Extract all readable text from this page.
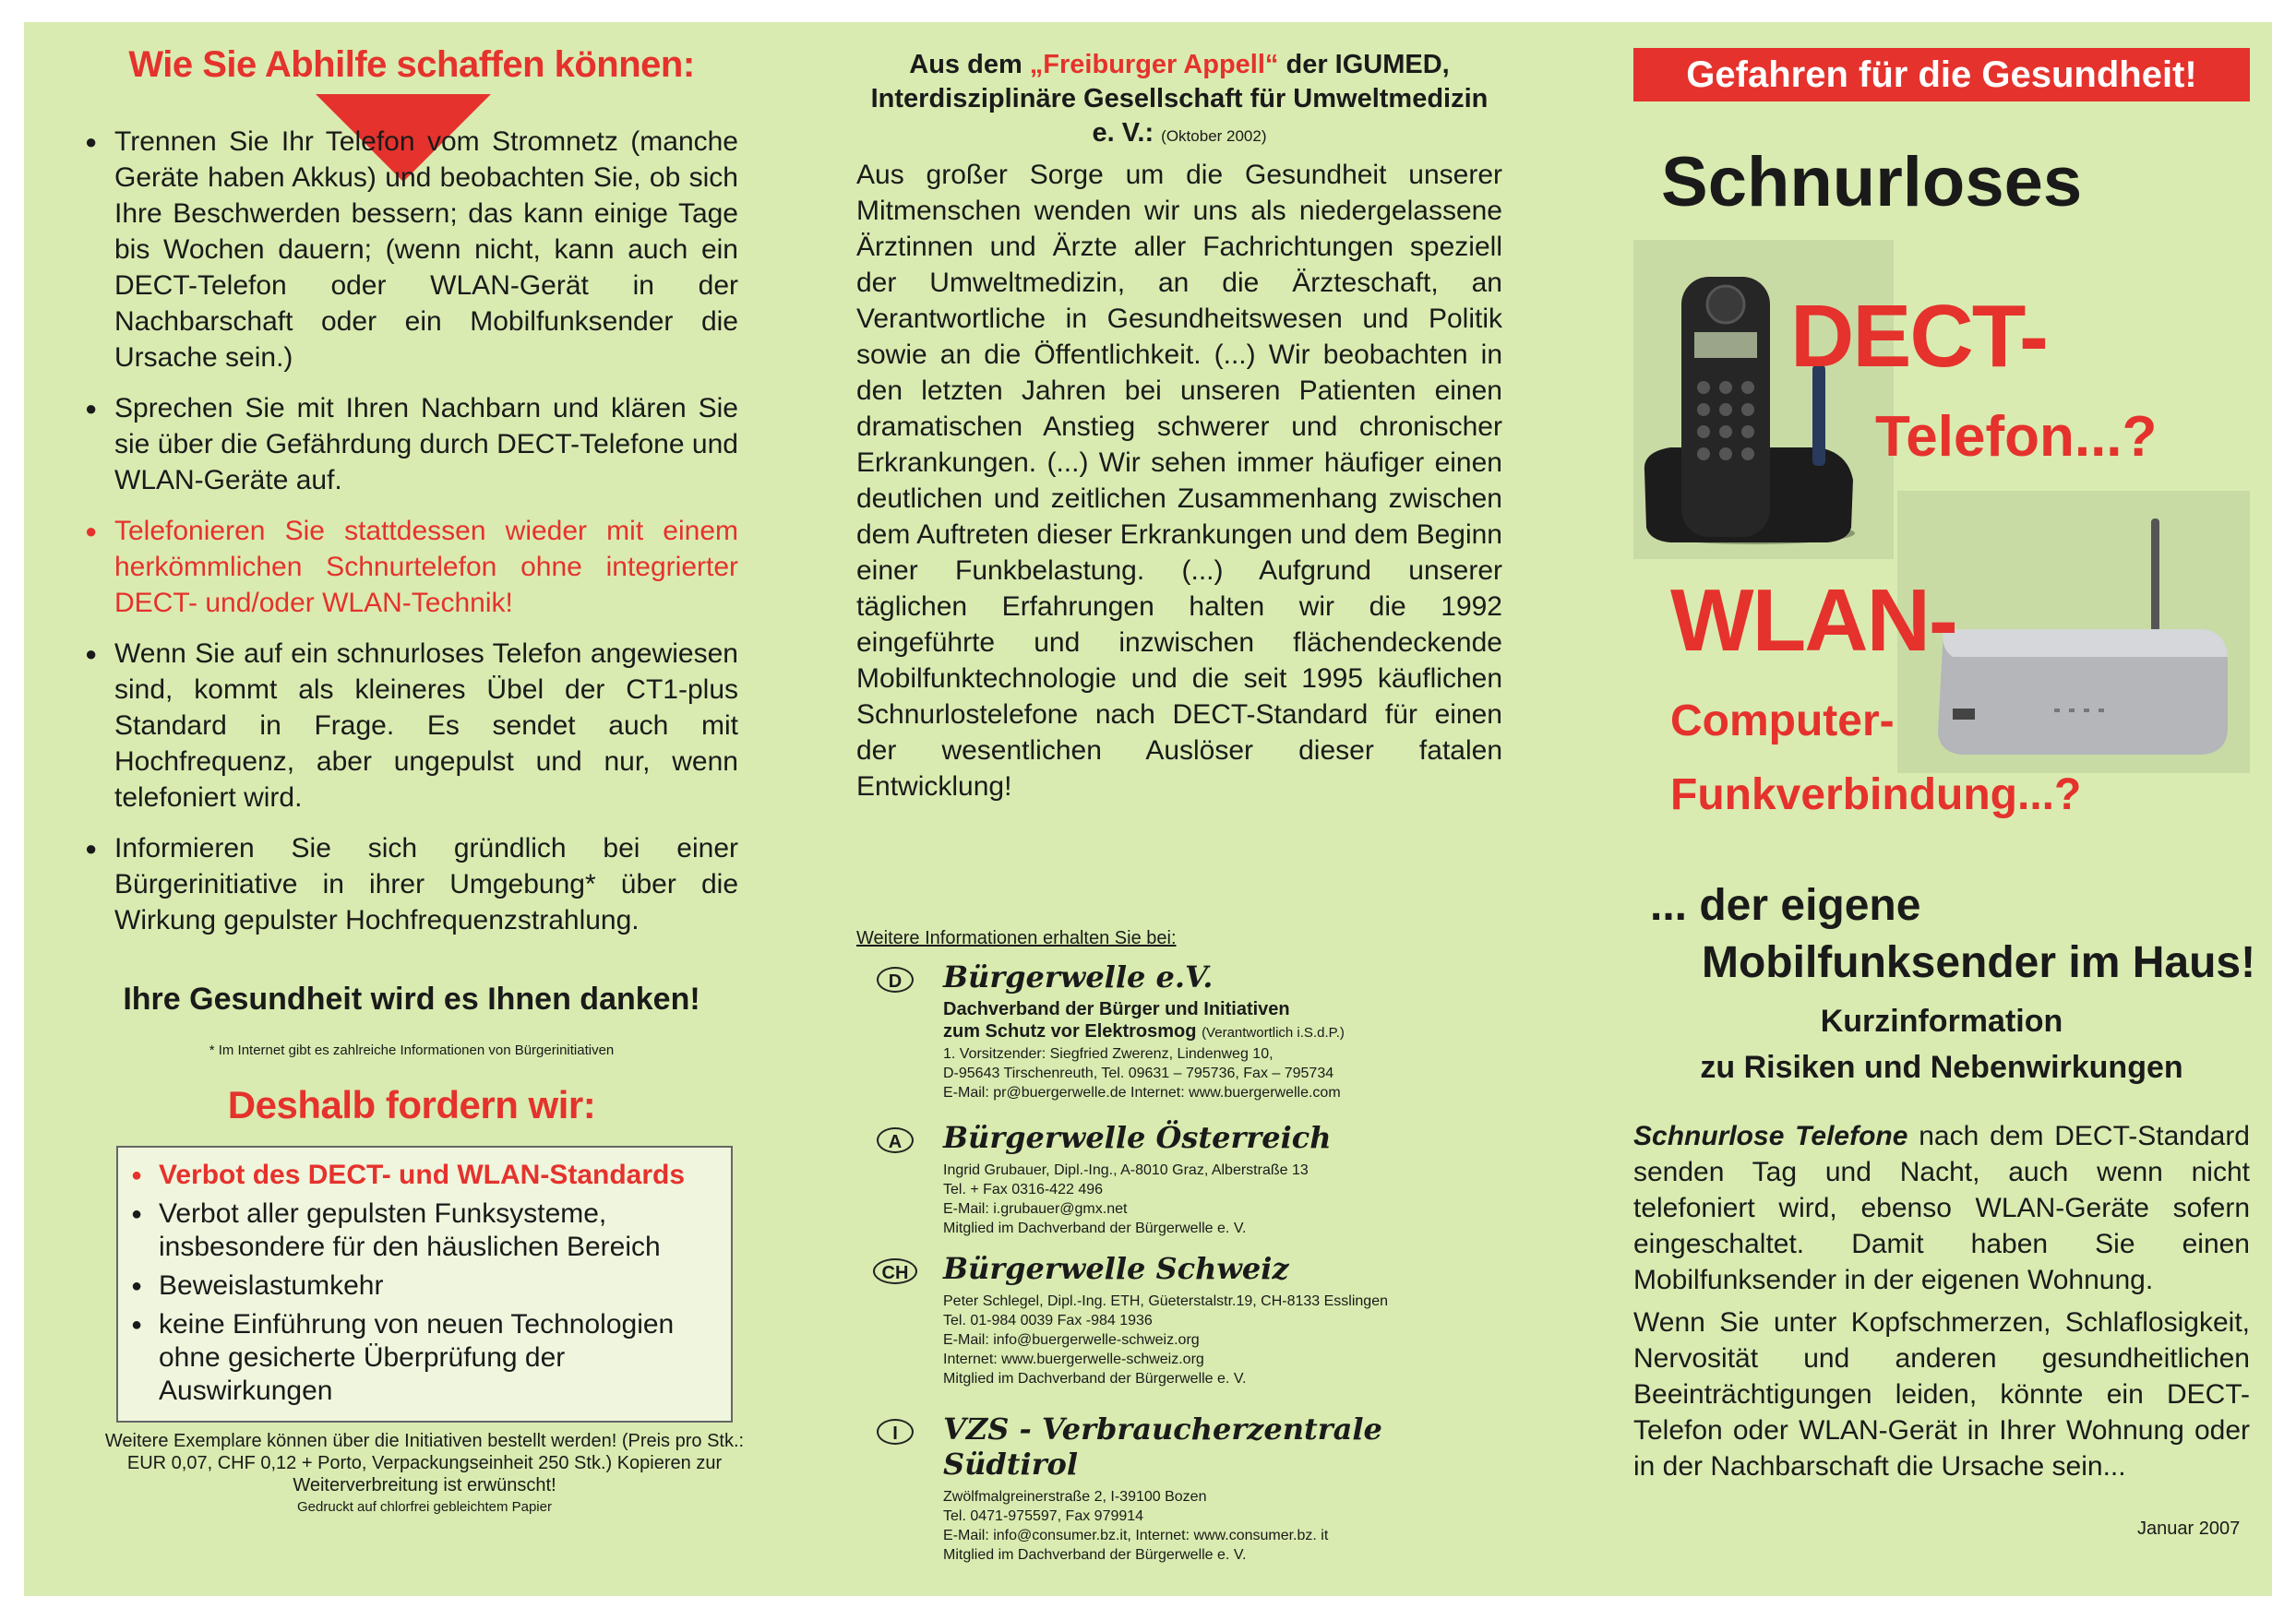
Wie Sie Abhilfe schaffen können:
● Trennen Sie Ihr Telefon vom Stromnetz (manche Geräte haben Akkus) und beobachten Sie, ob sich Ihre Beschwerden bessern; das kann einige Tage bis Wochen dauern; (wenn nicht, kann auch ein DECT-Telefon oder WLAN-Gerät in der Nachbarschaft oder ein Mobilfunksender die Ursache sein.)
● Sprechen Sie mit Ihren Nachbarn und klären Sie sie über die Gefährdung durch DECT-Telefone und WLAN-Geräte auf.
● Telefonieren Sie stattdessen wieder mit einem herkömmlichen Schnurtelefon ohne integrierter DECT- und/oder WLAN-Technik!
● Wenn Sie auf ein schnurloses Telefon angewiesen sind, kommt als kleineres Übel der CT1-plus Standard in Frage. Es sendet auch mit Hochfrequenz, aber ungepulst und nur, wenn telefoniert wird.
● Informieren Sie sich gründlich bei einer Bürgerinitiative in ihrer Umgebung* über die Wirkung gepulster Hochfrequenzstrahlung.
Ihre Gesundheit wird es Ihnen danken!
* Im Internet gibt es zahlreiche Informationen von Bürgerinitiativen
Deshalb fordern wir:
● Verbot des DECT- und WLAN-Standards
● Verbot aller gepulsten Funksysteme, insbesondere für den häuslichen Bereich
● Beweislastumkehr
● keine Einführung von neuen Technologien ohne gesicherte Überprüfung der Auswirkungen
Weitere Exemplare können über die Initiativen bestellt werden! (Preis pro Stk.: EUR 0,07, CHF 0,12 + Porto, Verpackungseinheit 250 Stk.) Kopieren zur Weiterverbreitung ist erwünscht!
Gedruckt auf chlorfrei gebleichtem Papier
Aus dem „Freiburger Appell“ der IGUMED, Interdisziplinäre Gesellschaft für Umweltmedizin e. V.: (Oktober 2002)
Aus großer Sorge um die Gesundheit unserer Mitmenschen wenden wir uns als niedergelassene Ärztinnen und Ärzte aller Fachrichtungen speziell der Umweltmedizin, an die Ärzteschaft, an Verantwortliche in Gesundheitswesen und Politik sowie an die Öffentlichkeit. (...) Wir beobachten in den letzten Jahren bei unseren Patienten einen dramatischen Anstieg schwerer und chronischer Erkrankungen. (...) Wir sehen immer häufiger einen deutlichen und zeitlichen Zusammenhang zwischen dem Auftreten dieser Erkrankungen und dem Beginn einer Funkbelastung. (...) Aufgrund unserer täglichen Erfahrungen halten wir die 1992 eingeführte und inzwischen flächendeckende Mobilfunktechnologie und die seit 1995 käuflichen Schnurlostelefone nach DECT-Standard für einen der wesentlichen Auslöser dieser fatalen Entwicklung!
Weitere Informationen erhalten Sie bei:
D	Bürgerwelle e.V.
Dachverband der Bürger und Initiativen
zum Schutz vor Elektrosmog (Verantwortlich i.S.d.P.)
1. Vorsitzender: Siegfried Zwerenz, Lindenweg 10,
D-95643 Tirschenreuth, Tel. 09631 – 795736, Fax – 795734
E-Mail: pr@buergerwelle.de Internet: www.buergerwelle.com
A	Bürgerwelle Österreich
Ingrid Grubauer, Dipl.-Ing., A-8010 Graz, Alberstraße 13
Tel. + Fax 0316-422 496
E-Mail: i.grubauer@gmx.net
Mitglied im Dachverband der Bürgerwelle e. V.
CH Bürgerwelle Schweiz
Peter Schlegel, Dipl.-Ing. ETH, Güeterstalstr.19, CH-8133 Esslingen
Tel. 01-984 0039 Fax -984 1936
E-Mail: info@buergerwelle-schweiz.org
Internet: www.buergerwelle-schweiz.org
Mitglied im Dachverband der Bürgerwelle e. V.
I	VZS - Verbraucherzentrale Südtirol
Zwölfmalgreinerstraße 2, I-39100 Bozen
Tel. 0471-975597, Fax 979914
E-Mail: info@consumer.bz.it, Internet: www.consumer.bz. it
Mitglied im Dachverband der Bürgerwelle e. V.
Gefahren für die Gesundheit!
Schnurloses
DECT-
Telefon...?
WLAN-
Computer-
Funkverbindung...?
... der eigene
Mobilfunksender im Haus!
Kurzinformation
zu Risiken und Nebenwirkungen
Schnurlose Telefone nach dem DECT-Standard senden Tag und Nacht, auch wenn nicht telefoniert wird, ebenso WLAN-Geräte sofern eingeschaltet. Damit haben Sie einen Mobilfunksender in der eigenen Wohnung.
Wenn Sie unter Kopfschmerzen, Schlaflosigkeit, Nervosität und anderen gesundheitlichen Beeinträchtigungen leiden, könnte ein DECT-Telefon oder WLAN-Gerät in Ihrer Wohnung oder in der Nachbarschaft die Ursache sein...
Januar 2007
